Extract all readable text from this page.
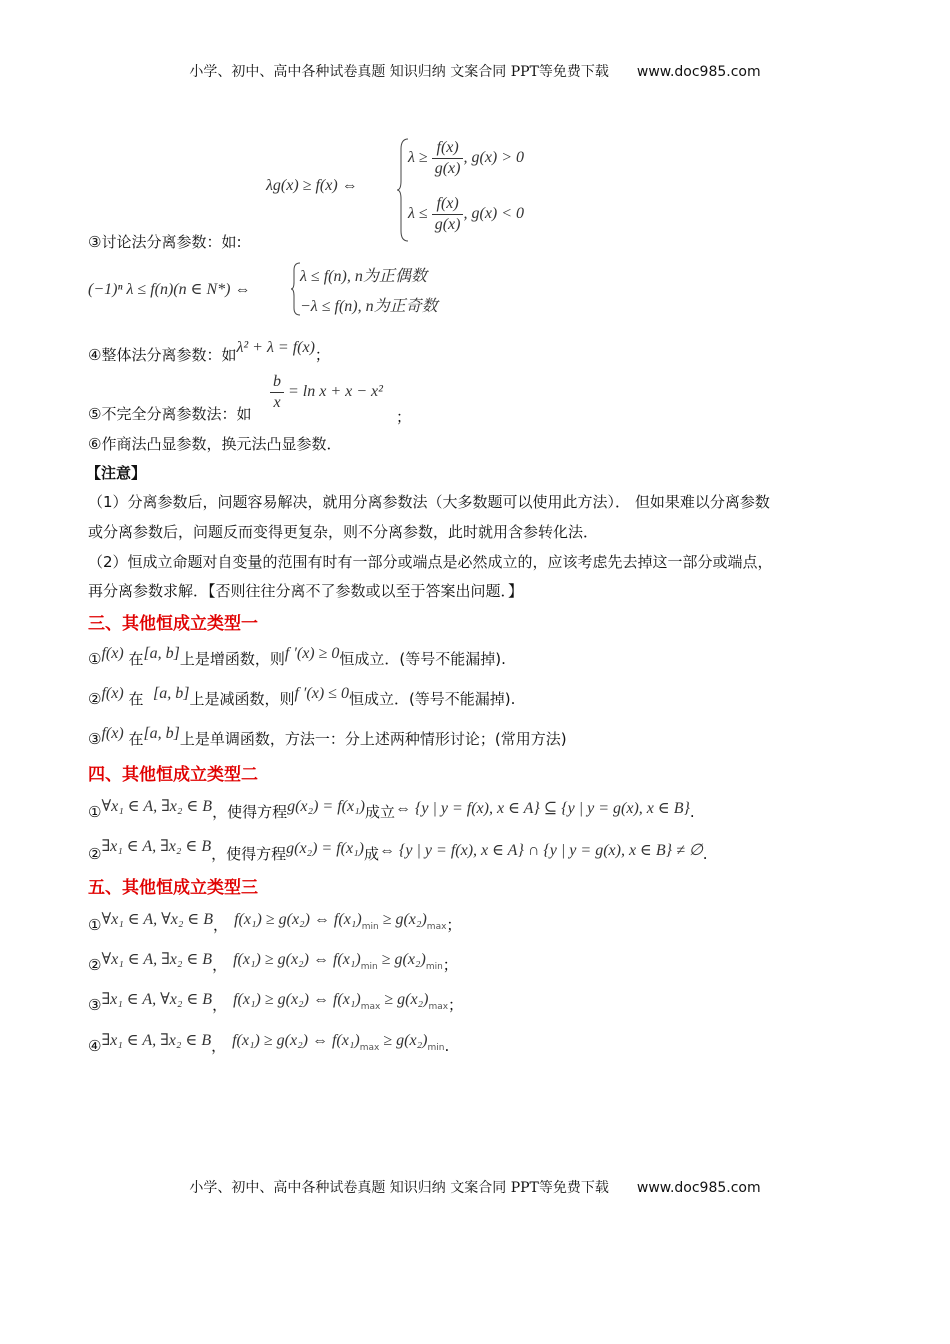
小学、初中、高中各种试卷真题 知识归纳 文案合同 PPT等免费下载 www.doc985.com
λg(x) ≥ f(x) ⇔
$\lambda \ge \frac{f(x)}{g(x)}$ , g(x) > 0
$\lambda \le \frac{f(x)}{g(x)}$ , g(x) < 0
③讨论法分离参数：如:
(−1)ⁿ λ ≤ f(n)(n ∈ N*) ⇔
λ ≤ f(n), n为正偶数
−λ ≤ f(n), n为正奇数
④整体法分离参数：如λ² + λ = f(x)；
⑤不完全分离参数法：如
$\frac{b}{x} = \ln x + x - x^2$
；
⑥作商法凸显参数，换元法凸显参数．
【注意】
（1）分离参数后，问题容易解决，就用分离参数法（大多数题可以使用此方法）． 但如果难以分离参数
或分离参数后，问题反而变得更复杂，则不分离参数，此时就用含参转化法．
（2）恒成立命题对自变量的范围有时有一部分或端点是必然成立的，应该考虑先去掉这一部分或端点，
再分离参数求解．【否则往往分离不了参数或以至于答案出问题．】
三、其他恒成立类型一
①f(x) 在[a, b]上是增函数，则f ′(x) ≥ 0恒成立．(等号不能漏掉).
②f(x) 在 [a, b]上是减函数，则f ′(x) ≤ 0恒成立．(等号不能漏掉).
③f(x) 在[a, b]上是单调函数，方法一：分上述两种情形讨论；(常用方法)
四、其他恒成立类型二
①∀x₁ ∈ A, ∃x₂ ∈ B，使得方程g(x₂) = f(x₁)成立⇔ {y | y = f(x), x ∈ A} ⊆ {y | y = g(x), x ∈ B}.
②∃x₁ ∈ A, ∃x₂ ∈ B，使得方程g(x₂) = f(x₁)成⇔ {y | y = f(x), x ∈ A} ∩ {y | y = g(x), x ∈ B} ≠ ∅.
五、其他恒成立类型三
①∀x₁ ∈ A, ∀x₂ ∈ B， f(x₁) ≥ g(x₂) ⇔ f(x₁)min ≥ g(x₂)max；
②∀x₁ ∈ A, ∃x₂ ∈ B， f(x₁) ≥ g(x₂) ⇔ f(x₁)min ≥ g(x₂)min；
③∃x₁ ∈ A, ∀x₂ ∈ B， f(x₁) ≥ g(x₂) ⇔ f(x₁)max ≥ g(x₂)max；
④∃x₁ ∈ A, ∃x₂ ∈ B， f(x₁) ≥ g(x₂) ⇔ f(x₁)max ≥ g(x₂)min.
小学、初中、高中各种试卷真题 知识归纳 文案合同 PPT等免费下载 www.doc985.com
